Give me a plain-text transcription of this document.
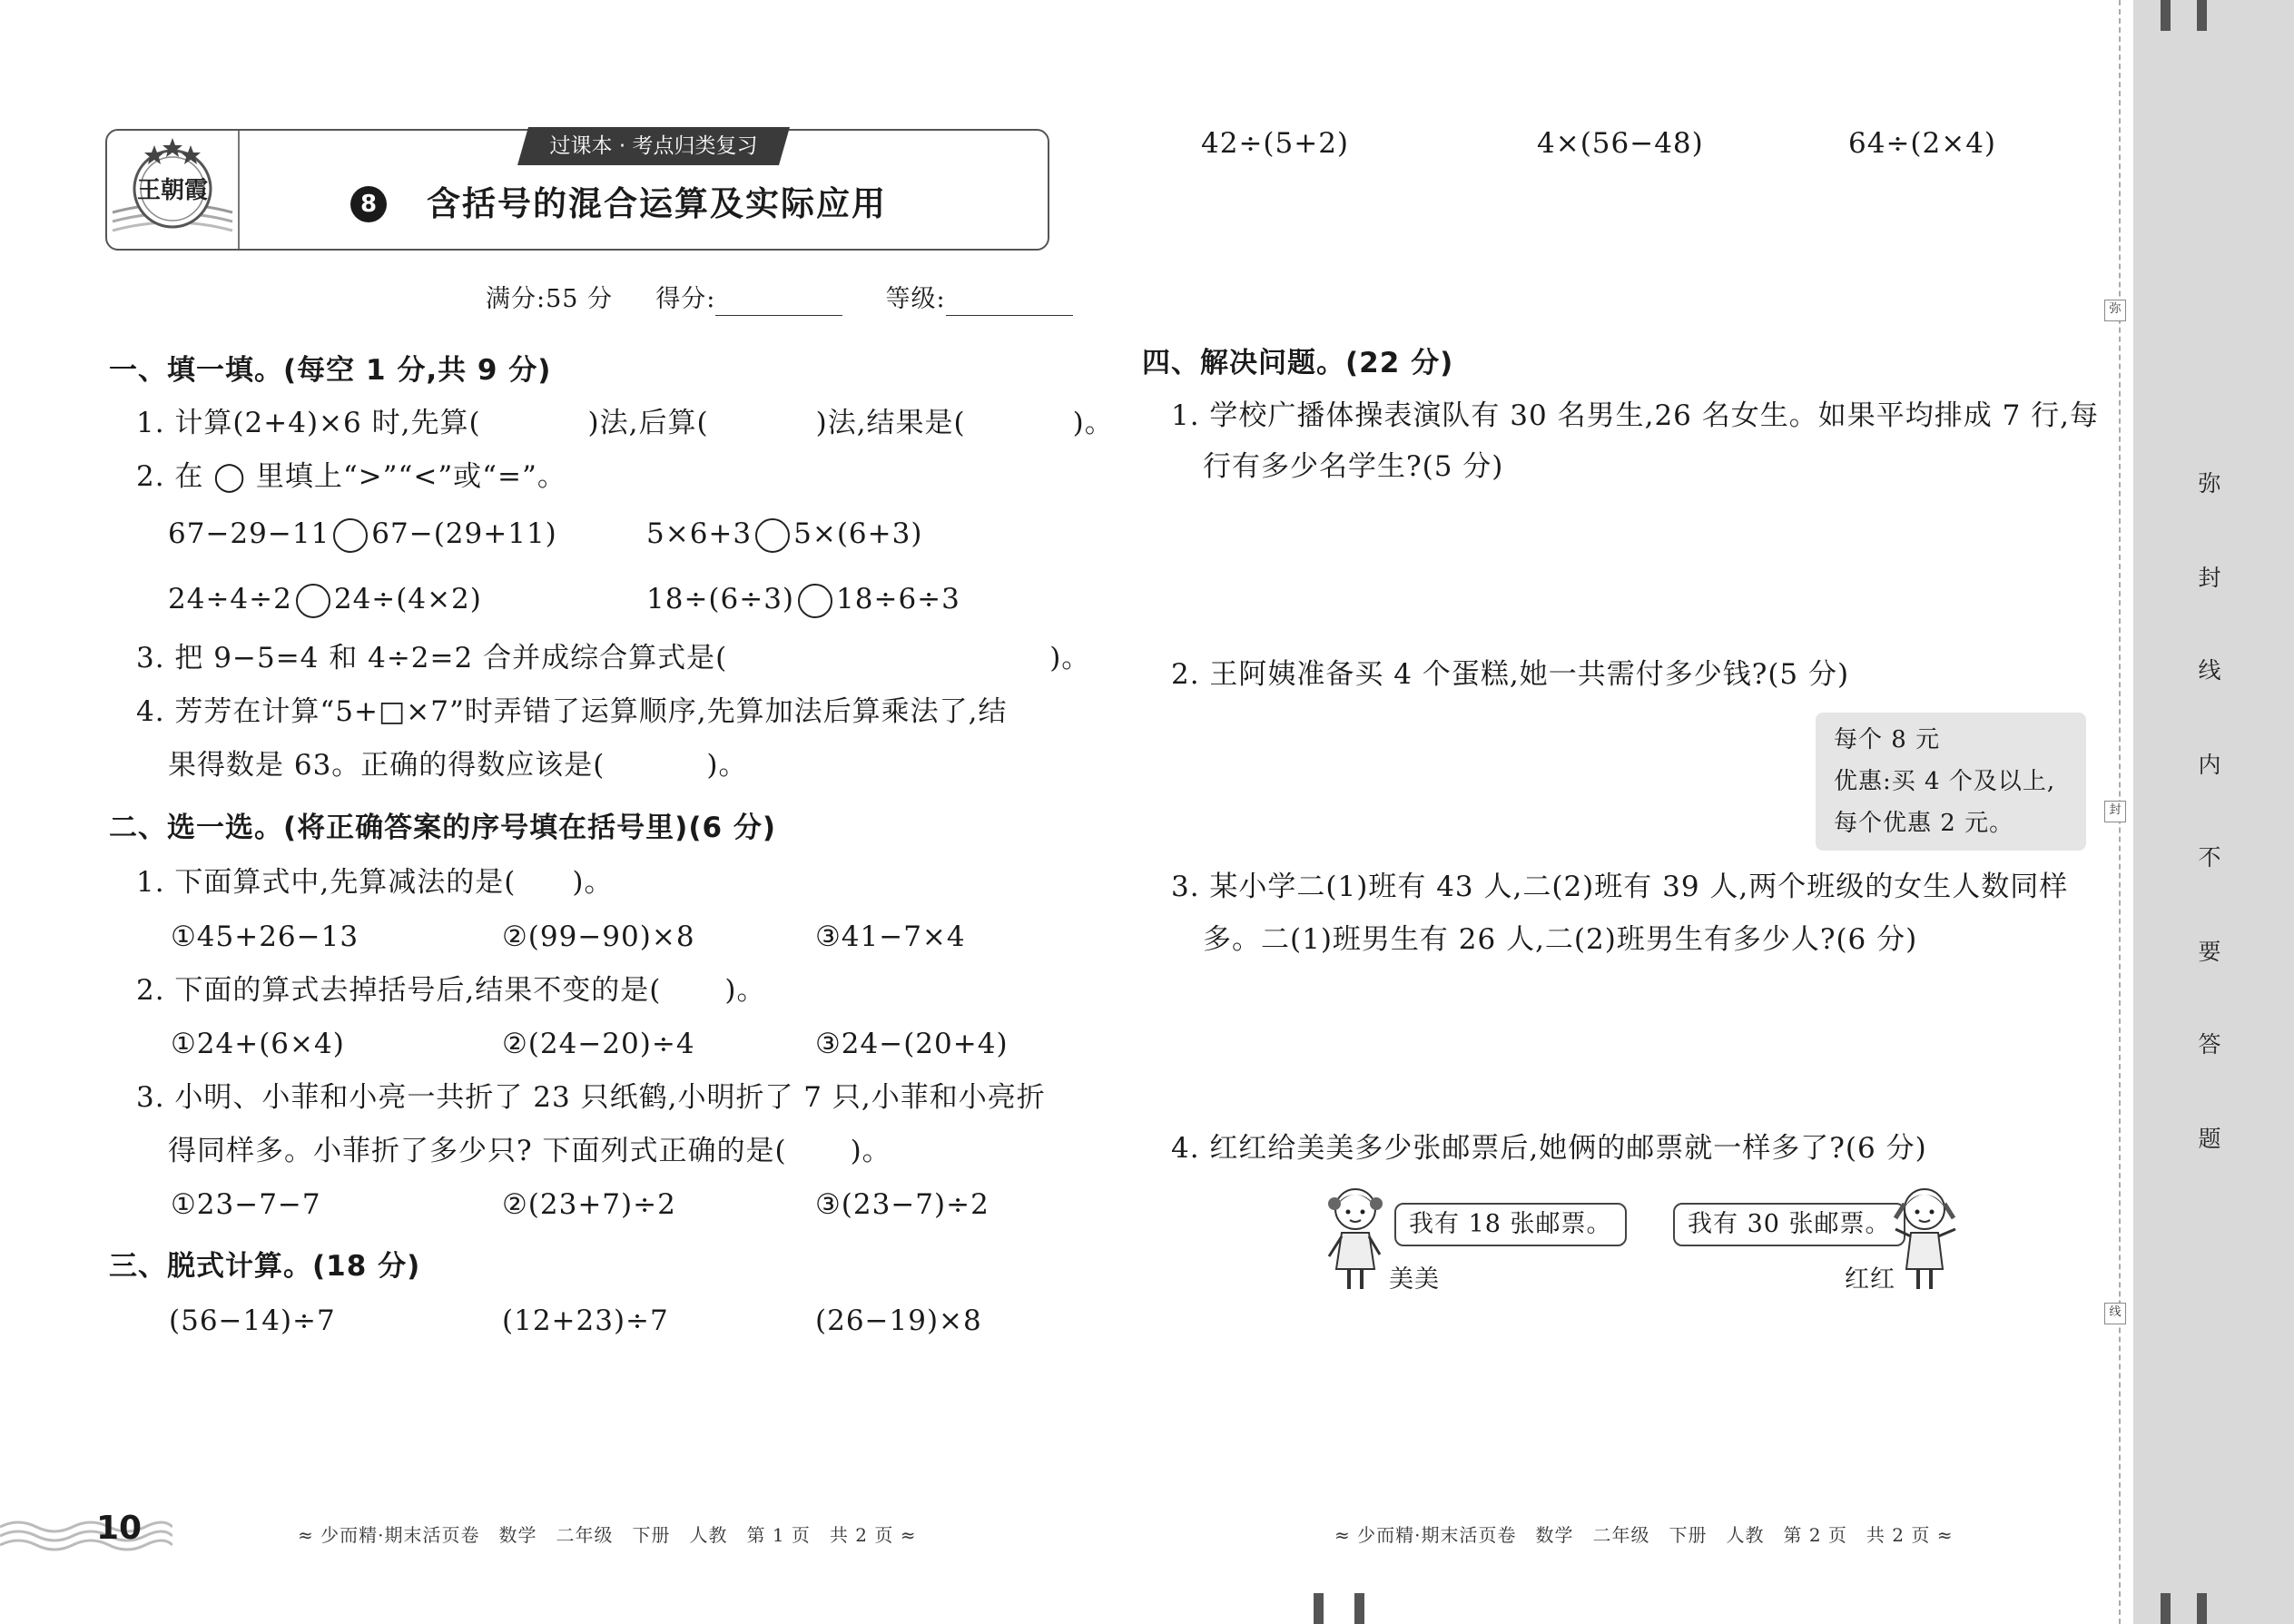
王朝霞
过课本 · 考点归类复习
8 含括号的混合运算及实际应用
满分:55 分 得分:	等级:
一、填一填。(每空 1 分,共 9 分)
1. 计算(2+4)×6 时,先算(	)法,后算(	)法,结果是(	)。
2. 在 ◯ 里填上“>”“<”或“=”。
67−29−11 67−(29+11)	5×6+3 5×(6+3)
24÷4÷2 24÷(4×2)	18÷(6÷3) 18÷6÷3
3. 把 9−5=4 和 4÷2=2 合并成综合算式是(	)。
4. 芳芳在计算“5+□×7”时弄错了运算顺序,先算加法后算乘法了,结
果得数是 63。正确的得数应该是(	)。
二、选一选。(将正确答案的序号填在括号里)(6 分)
1. 下面算式中,先算减法的是( )。
①45+26−13	②(99−90)×8	③41−7×4
2. 下面的算式去掉括号后,结果不变的是( )。
①24+(6×4)	②(24−20)÷4	③24−(20+4)
3. 小明、小菲和小亮一共折了 23 只纸鹤,小明折了 7 只,小菲和小亮折
得同样多。小菲折了多少只? 下面列式正确的是( )。
①23−7−7	②(23+7)÷2	③(23−7)÷2
三、脱式计算。(18 分)
(56−14)÷7	(12+23)÷7	(26−19)×8
42÷(5+2)	4×(56−48)	64÷(2×4)
四、解决问题。(22 分)
1. 学校广播体操表演队有 30 名男生,26 名女生。如果平均排成 7 行,每
行有多少名学生?(5 分)
2. 王阿姨准备买 4 个蛋糕,她一共需付多少钱?(5 分)
每个 8 元
优惠:买 4 个及以上,
每个优惠 2 元。
3. 某小学二(1)班有 43 人,二(2)班有 39 人,两个班级的女生人数同样
多。二(1)班男生有 26 人,二(2)班男生有多少人?(6 分)
4. 红红给美美多少张邮票后,她俩的邮票就一样多了?(6 分)
我有 18 张邮票。
美美
我有 30 张邮票。
红红
10	≈ 少而精·期末活页卷　数学　二年级　下册　人教　第 1 页　共 2 页 ≈	≈ 少而精·期末活页卷　数学　二年级　下册　人教　第 2 页　共 2 页 ≈
弥
封
线
弥
封
线
内
不
要
答
题
